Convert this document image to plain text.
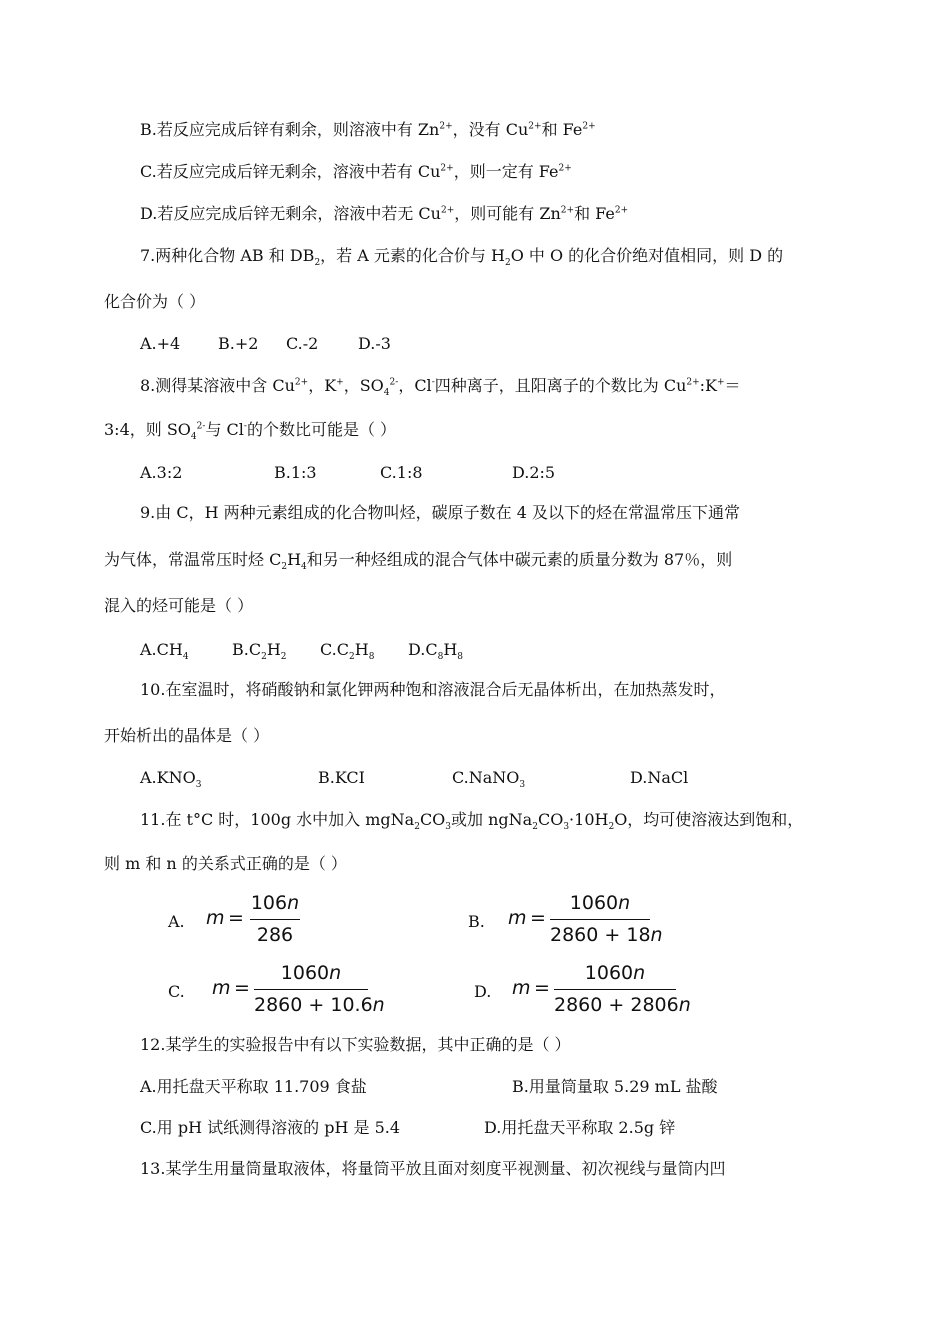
B.若反应完成后锌有剩余，则溶液中有 $Zn^{2+}$，没有 $Cu^{2+}$和 $Fe^{2+}$
C.若反应完成后锌无剩余，溶液中若有 $Cu^{2+}$，则一定有 $Fe^{2+}$
D.若反应完成后锌无剩余，溶液中若无 $Cu^{2+}$，则可能有 $Zn^{2+}$和 $Fe^{2+}$
7.两种化合物 AB 和 $DB_2$，若 A 元素的化合价与 $H_2O$ 中 O 的化合价绝对值相同，则 D 的
化合价为（ ）
A.+4 B.+2 C.-2 D.-3
8.测得某溶液中含 $Cu^{2+}$，K+，$SO_4^{2-}$，Cl-四种离子，且阳离子的个数比为 $Cu^{2+}:K^+=$
3:4，则 $SO_4^{2-}$与 Cl-的个数比可能是（ ）
A.3:2	B.1:3	C.1:8	D.2:5
9.由 C，H 两种元素组成的化合物叫烃，碳原子数在 4 及以下的烃在常温常压下通常
为气体，常温常压时烃 $C_2H_4$和另一种烃组成的混合气体中碳元素的质量分数为 87％，则
混入的烃可能是（ ）
$A.CH_4$	$B.C_2H_2$ $C.C_2H_8$ $D.C_8H_8$
10.在室温时，将硝酸钠和氯化钾两种饱和溶液混合后无晶体析出，在加热蒸发时，
开始析出的晶体是（ ）
$A.KNO_3$	B.KCI	C.NaNO$_3$	D.NaCl
11.在 t°C 时，100g 水中加入 $mgNa_2CO_3$或加 $ngNa_2CO_3\cdot 10H_2O$，均可使溶液达到饱和，
则 m 和 n 的关系式正确的是（ ）
A. m =
106n
286
B. m =
1060n
2860 + 18n
C. m =
1060n
2860 + 10.6n
D. m =
1060n
2860 + 2806n
12.某学生的实验报告中有以下实验数据，其中正确的是（ ）
A.用托盘天平称取 11.709 食盐	B.用量筒量取 5.29 mL 盐酸
C.用 pH 试纸测得溶液的 pH 是 5.4	D.用托盘天平称取 2.5g 锌
13.某学生用量筒量取液体，将量筒平放且面对刻度平视测量、初次视线与量筒内凹
